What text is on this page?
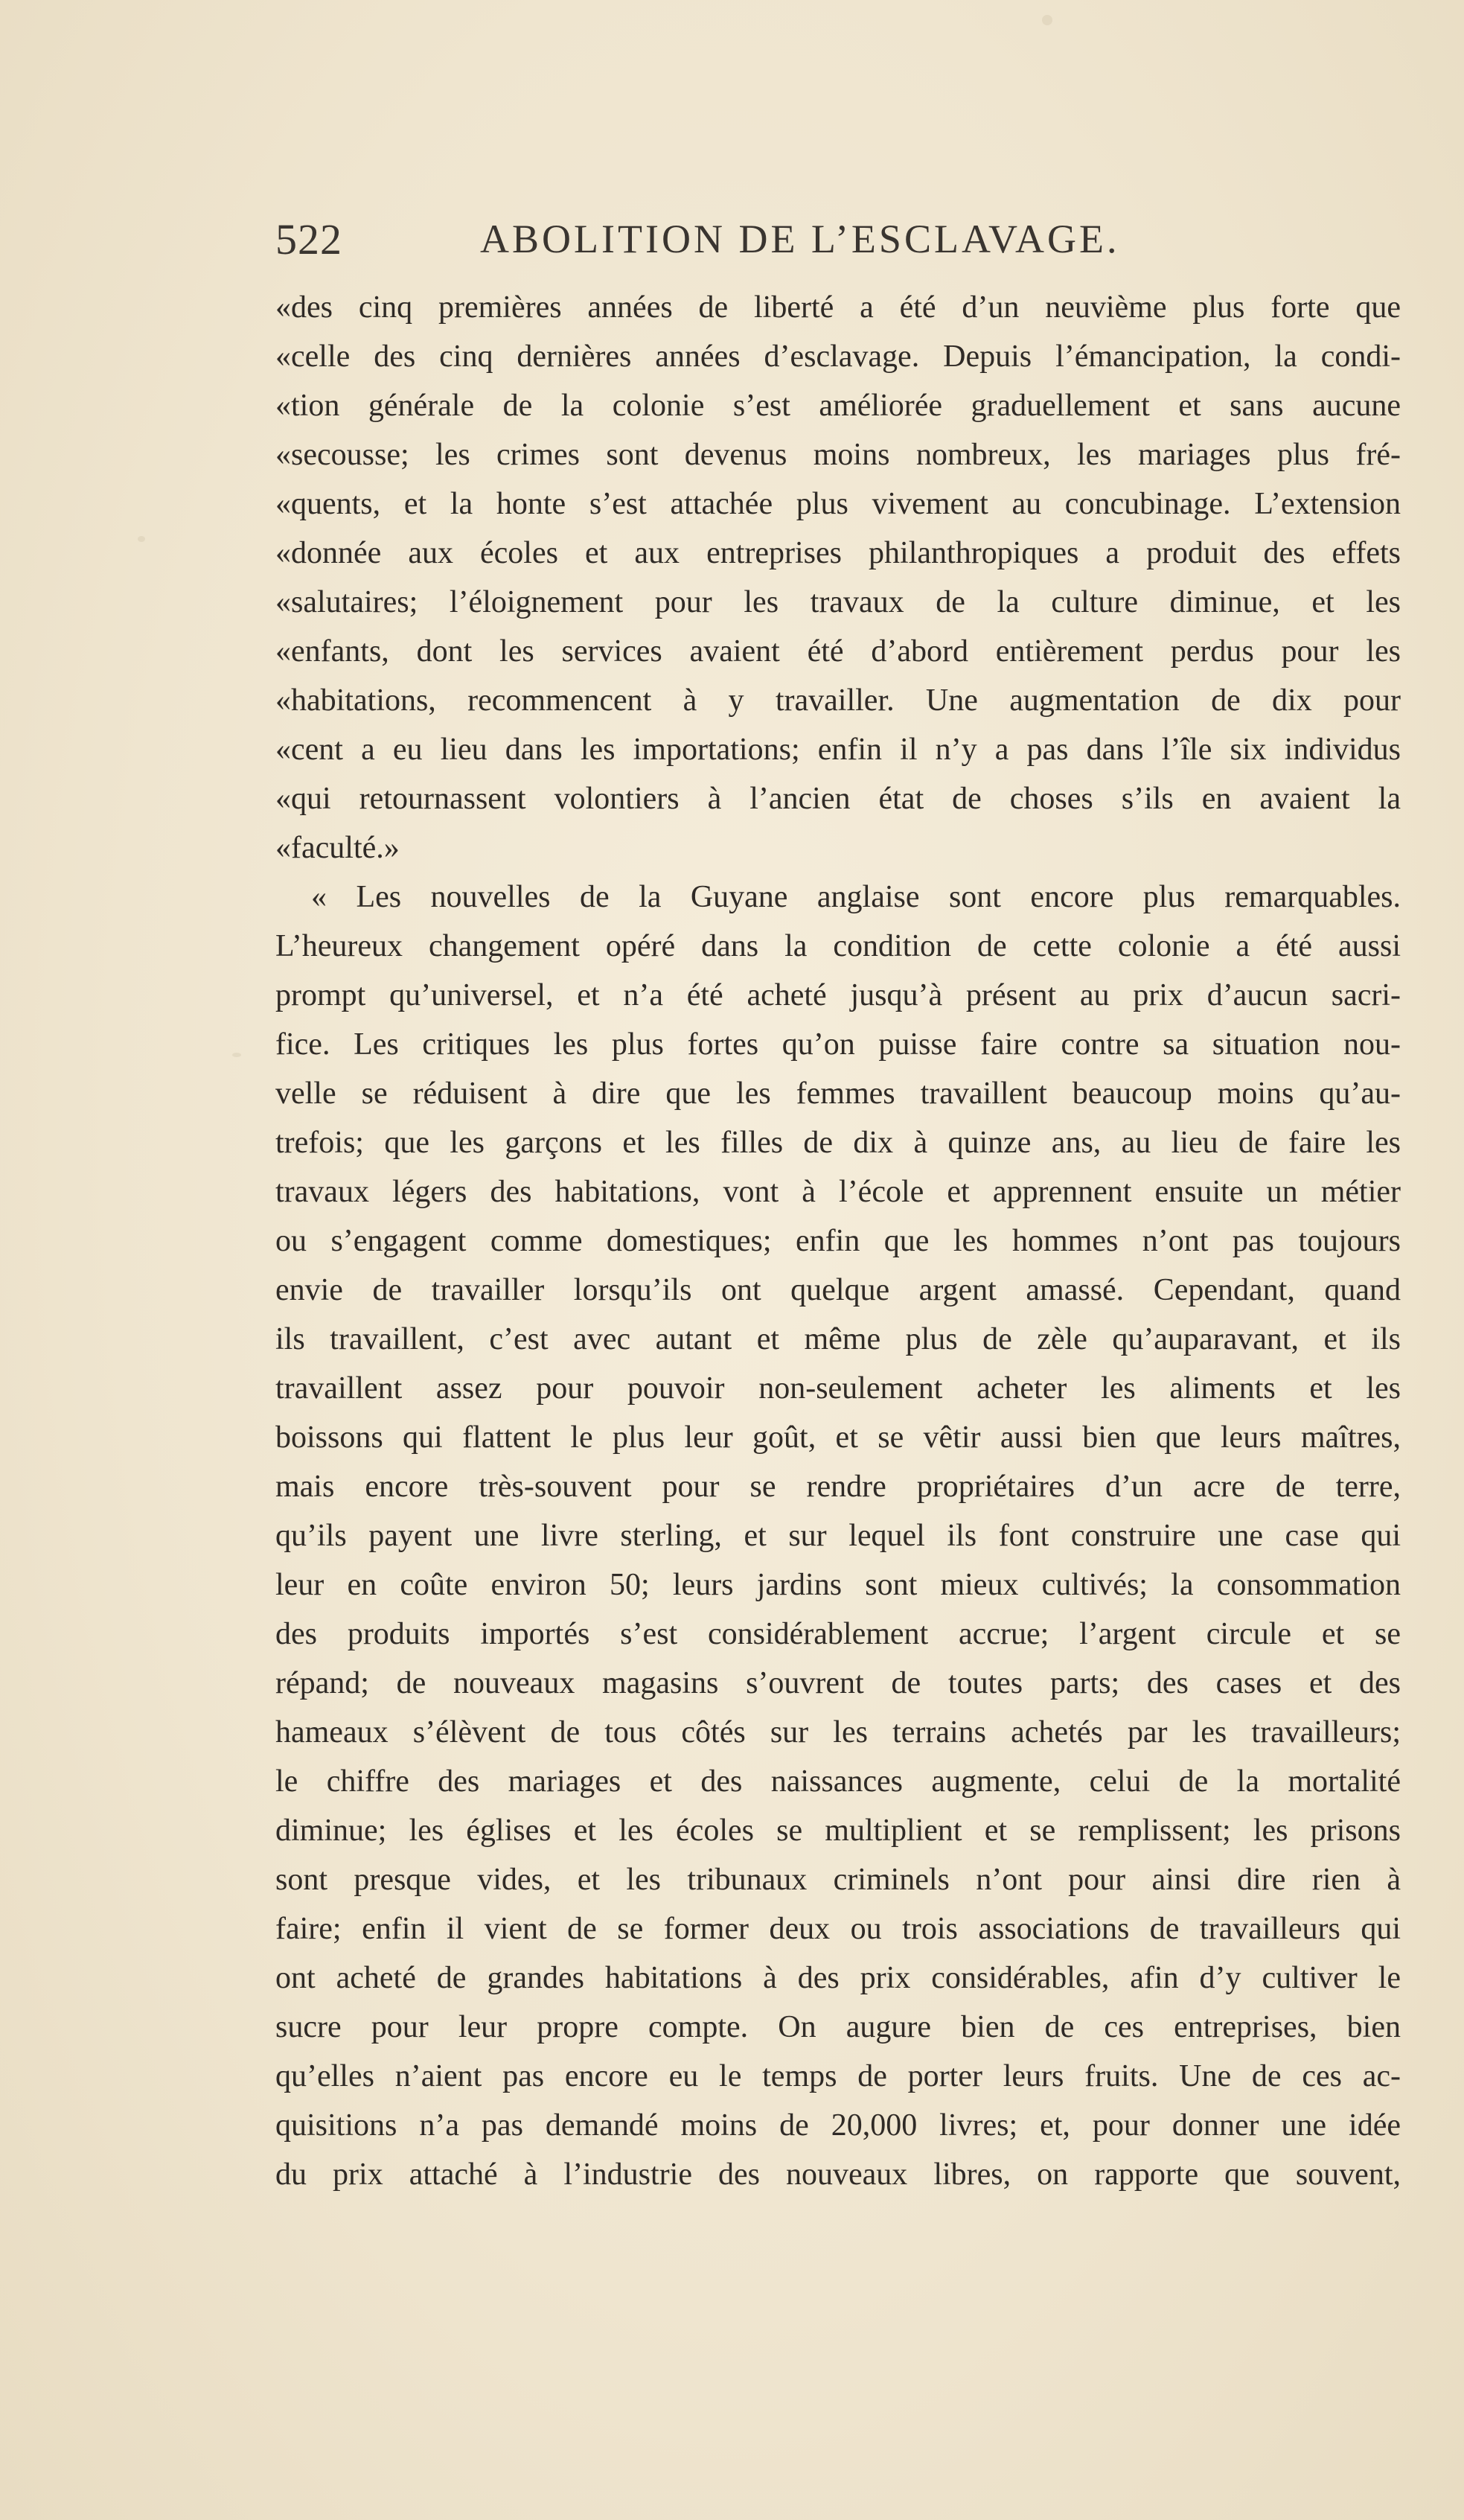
522	ABOLITION DE L’ESCLAVAGE.
«des cinq premières années de liberté a été d’un neuvième plus forte que
«celle des cinq dernières années d’esclavage. Depuis l’émancipation, la condi-
«tion générale de la colonie s’est améliorée graduellement et sans aucune
«secousse; les crimes sont devenus moins nombreux, les mariages plus fré-
«quents, et la honte s’est attachée plus vivement au concubinage. L’extension
«donnée aux écoles et aux entreprises philanthropiques a produit des effets
«salutaires; l’éloignement pour les travaux de la culture diminue, et les
«enfants, dont les services avaient été d’abord entièrement perdus pour les
«habitations, recommencent à y travailler. Une augmentation de dix pour
«cent a eu lieu dans les importations; enfin il n’y a pas dans l’île six individus
«qui retournassent volontiers à l’ancien état de choses s’ils en avaient la
«faculté.»
« Les nouvelles de la Guyane anglaise sont encore plus remarquables.
L’heureux changement opéré dans la condition de cette colonie a été aussi
prompt qu’universel, et n’a été acheté jusqu’à présent au prix d’aucun sacri-
fice. Les critiques les plus fortes qu’on puisse faire contre sa situation nou-
velle se réduisent à dire que les femmes travaillent beaucoup moins qu’au-
trefois; que les garçons et les filles de dix à quinze ans, au lieu de faire les
travaux légers des habitations, vont à l’école et apprennent ensuite un métier
ou s’engagent comme domestiques; enfin que les hommes n’ont pas toujours
envie de travailler lorsqu’ils ont quelque argent amassé. Cependant, quand
ils travaillent, c’est avec autant et même plus de zèle qu’auparavant, et ils
travaillent assez pour pouvoir non-seulement acheter les aliments et les
boissons qui flattent le plus leur goût, et se vêtir aussi bien que leurs maîtres,
mais encore très-souvent pour se rendre propriétaires d’un acre de terre,
qu’ils payent une livre sterling, et sur lequel ils font construire une case qui
leur en coûte environ 50; leurs jardins sont mieux cultivés; la consommation
des produits importés s’est considérablement accrue; l’argent circule et se
répand; de nouveaux magasins s’ouvrent de toutes parts; des cases et des
hameaux s’élèvent de tous côtés sur les terrains achetés par les travailleurs;
le chiffre des mariages et des naissances augmente, celui de la mortalité
diminue; les églises et les écoles se multiplient et se remplissent; les prisons
sont presque vides, et les tribunaux criminels n’ont pour ainsi dire rien à
faire; enfin il vient de se former deux ou trois associations de travailleurs qui
ont acheté de grandes habitations à des prix considérables, afin d’y cultiver le
sucre pour leur propre compte. On augure bien de ces entreprises, bien
qu’elles n’aient pas encore eu le temps de porter leurs fruits. Une de ces ac-
quisitions n’a pas demandé moins de 20,000 livres; et, pour donner une idée
du prix attaché à l’industrie des nouveaux libres, on rapporte que souvent,
